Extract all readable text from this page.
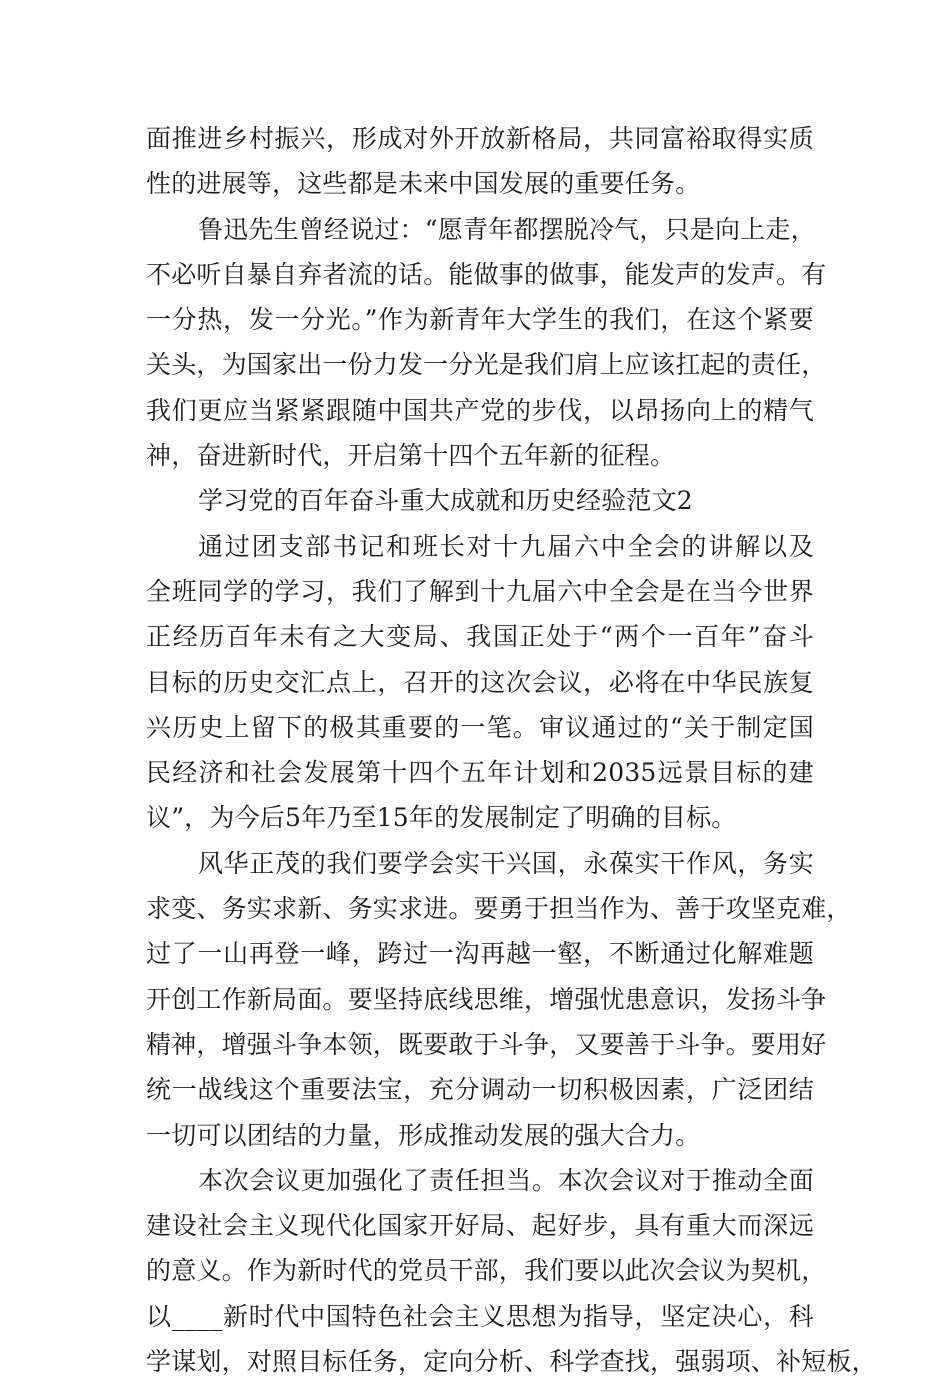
面推进乡村振兴，形成对外开放新格局，共同富裕取得实质
性的进展等，这些都是未来中国发展的重要任务。
鲁迅先生曾经说过：“愿青年都摆脱冷气，只是向上走，
不必听自暴自弃者流的话。能做事的做事，能发声的发声。有
一分热，发一分光。”作为新青年大学生的我们，在这个紧要
关头，为国家出一份力发一分光是我们肩上应该扛起的责任，
我们更应当紧紧跟随中国共产党的步伐，以昂扬向上的精气
神，奋进新时代，开启第十四个五年新的征程。
学习党的百年奋斗重大成就和历史经验范文2
通过团支部书记和班长对十九届六中全会的讲解以及
全班同学的学习，我们了解到十九届六中全会是在当今世界
正经历百年未有之大变局、我国正处于“两个一百年”奋斗
目标的历史交汇点上，召开的这次会议，必将在中华民族复
兴历史上留下的极其重要的一笔。审议通过的“关于制定国
民经济和社会发展第十四个五年计划和2035远景目标的建
议”，为今后5年乃至15年的发展制定了明确的目标。
风华正茂的我们要学会实干兴国，永葆实干作风，务实
求变、务实求新、务实求进。要勇于担当作为、善于攻坚克难，
过了一山再登一峰，跨过一沟再越一壑，不断通过化解难题
开创工作新局面。要坚持底线思维，增强忧患意识，发扬斗争
精神，增强斗争本领，既要敢于斗争，又要善于斗争。要用好
统一战线这个重要法宝，充分调动一切积极因素，广泛团结
一切可以团结的力量，形成推动发展的强大合力。
本次会议更加强化了责任担当。本次会议对于推动全面
建设社会主义现代化国家开好局、起好步，具有重大而深远
的意义。作为新时代的党员干部，我们要以此次会议为契机，
以____新时代中国特色社会主义思想为指导，坚定决心，科
学谋划，对照目标任务，定向分析、科学查找，强弱项、补短板，
